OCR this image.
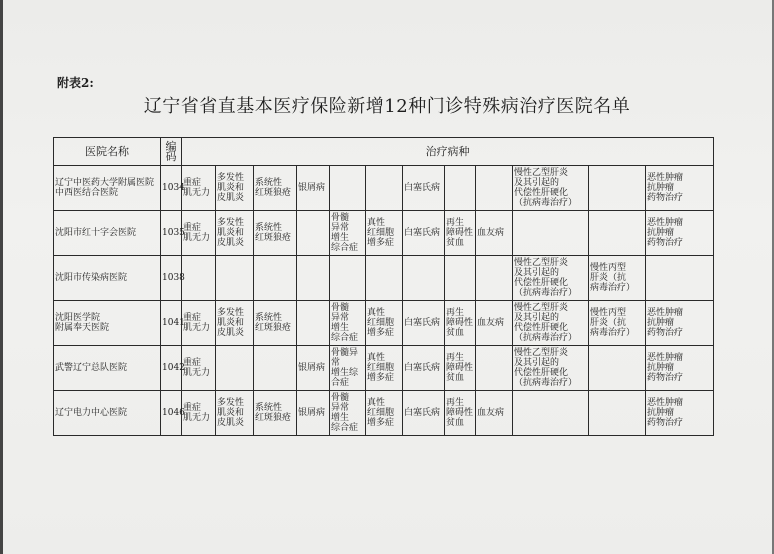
附表2:
辽宁省省直基本医疗保险新增12种门诊特殊病治疗医院名单
医院名称	编
码	治疗病种											
辽宁中医药大学附属医院
中西医结合医院	1034	重症
肌无力	多发性
肌炎和
皮肌炎	系统性
红斑狼疮	银屑病			白塞氏病			慢性乙型肝炎
及其引起的
代偿性肝硬化
（抗病毒治疗）		恶性肿瘤
抗肿瘤
药物治疗
沈阳市红十字会医院	1035	重症
肌无力	多发性
肌炎和
皮肌炎	系统性
红斑狼疮		骨髓
异常
增生
综合症	真性
红细胞
增多症	白塞氏病	再生
障碍性
贫血	血友病			恶性肿瘤
抗肿瘤
药物治疗
沈阳市传染病医院	1038										慢性乙型肝炎
及其引起的
代偿性肝硬化
（抗病毒治疗）	慢性丙型
肝炎（抗
病毒治疗）	
沈阳医学院
附属奉天医院	1041	重症
肌无力	多发性
肌炎和
皮肌炎	系统性
红斑狼疮		骨髓
异常
增生
综合症	真性
红细胞
增多症	白塞氏病	再生
障碍性
贫血	血友病	慢性乙型肝炎
及其引起的
代偿性肝硬化
（抗病毒治疗）	慢性丙型
肝炎（抗
病毒治疗）	恶性肿瘤
抗肿瘤
药物治疗
武警辽宁总队医院	1042	重症
肌无力			银屑病	骨髓异
常
增生综
合症	真性
红细胞
增多症	白塞氏病	再生
障碍性
贫血		慢性乙型肝炎
及其引起的
代偿性肝硬化
（抗病毒治疗）		恶性肿瘤
抗肿瘤
药物治疗
辽宁电力中心医院	1046	重症
肌无力	多发性
肌炎和
皮肌炎	系统性
红斑狼疮	银屑病	骨髓
异常
增生
综合症	真性
红细胞
增多症	白塞氏病	再生
障碍性
贫血	血友病			恶性肿瘤
抗肿瘤
药物治疗
